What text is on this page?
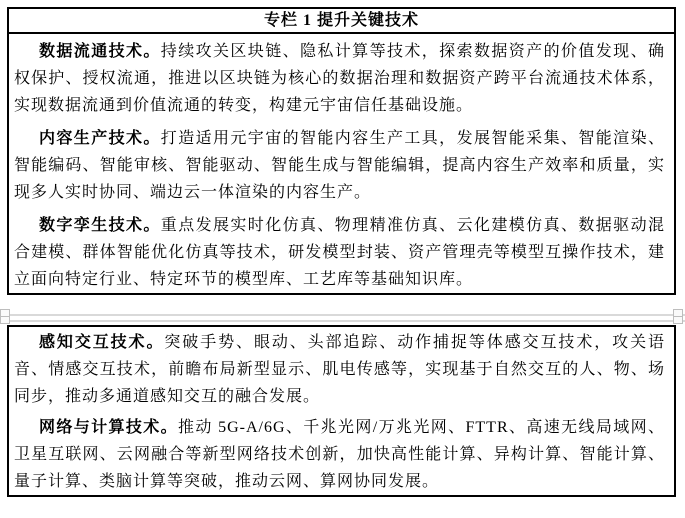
专栏 1 提升关键技术

数据流通技术。持续攻关区块链、隐私计算等技术，探索数据资产的价值发现、确权保护、授权流通，推进以区块链为核心的数据治理和数据资产跨平台流通技术体系，实现数据流通到价值流通的转变，构建元宇宙信任基础设施。

内容生产技术。打造适用元宇宙的智能内容生产工具，发展智能采集、智能渲染、智能编码、智能审核、智能驱动、智能生成与智能编辑，提高内容生产效率和质量，实现多人实时协同、端边云一体渲染的内容生产。

数字孪生技术。重点发展实时化仿真、物理精准仿真、云化建模仿真、数据驱动混合建模、群体智能优化仿真等技术，研发模型封装、资产管理壳等模型互操作技术，建立面向特定行业、特定环节的模型库、工艺库等基础知识库。

感知交互技术。突破手势、眼动、头部追踪、动作捕捉等体感交互技术，攻关语音、情感交互技术，前瞻布局新型显示、肌电传感等，实现基于自然交互的人、物、场同步，推动多通道感知交互的融合发展。

网络与计算技术。推动 5G-A/6G、千兆光网/万兆光网、FTTR、高速无线局域网、卫星互联网、云网融合等新型网络技术创新，加快高性能计算、异构计算、智能计算、量子计算、类脑计算等突破，推动云网、算网协同发展。
